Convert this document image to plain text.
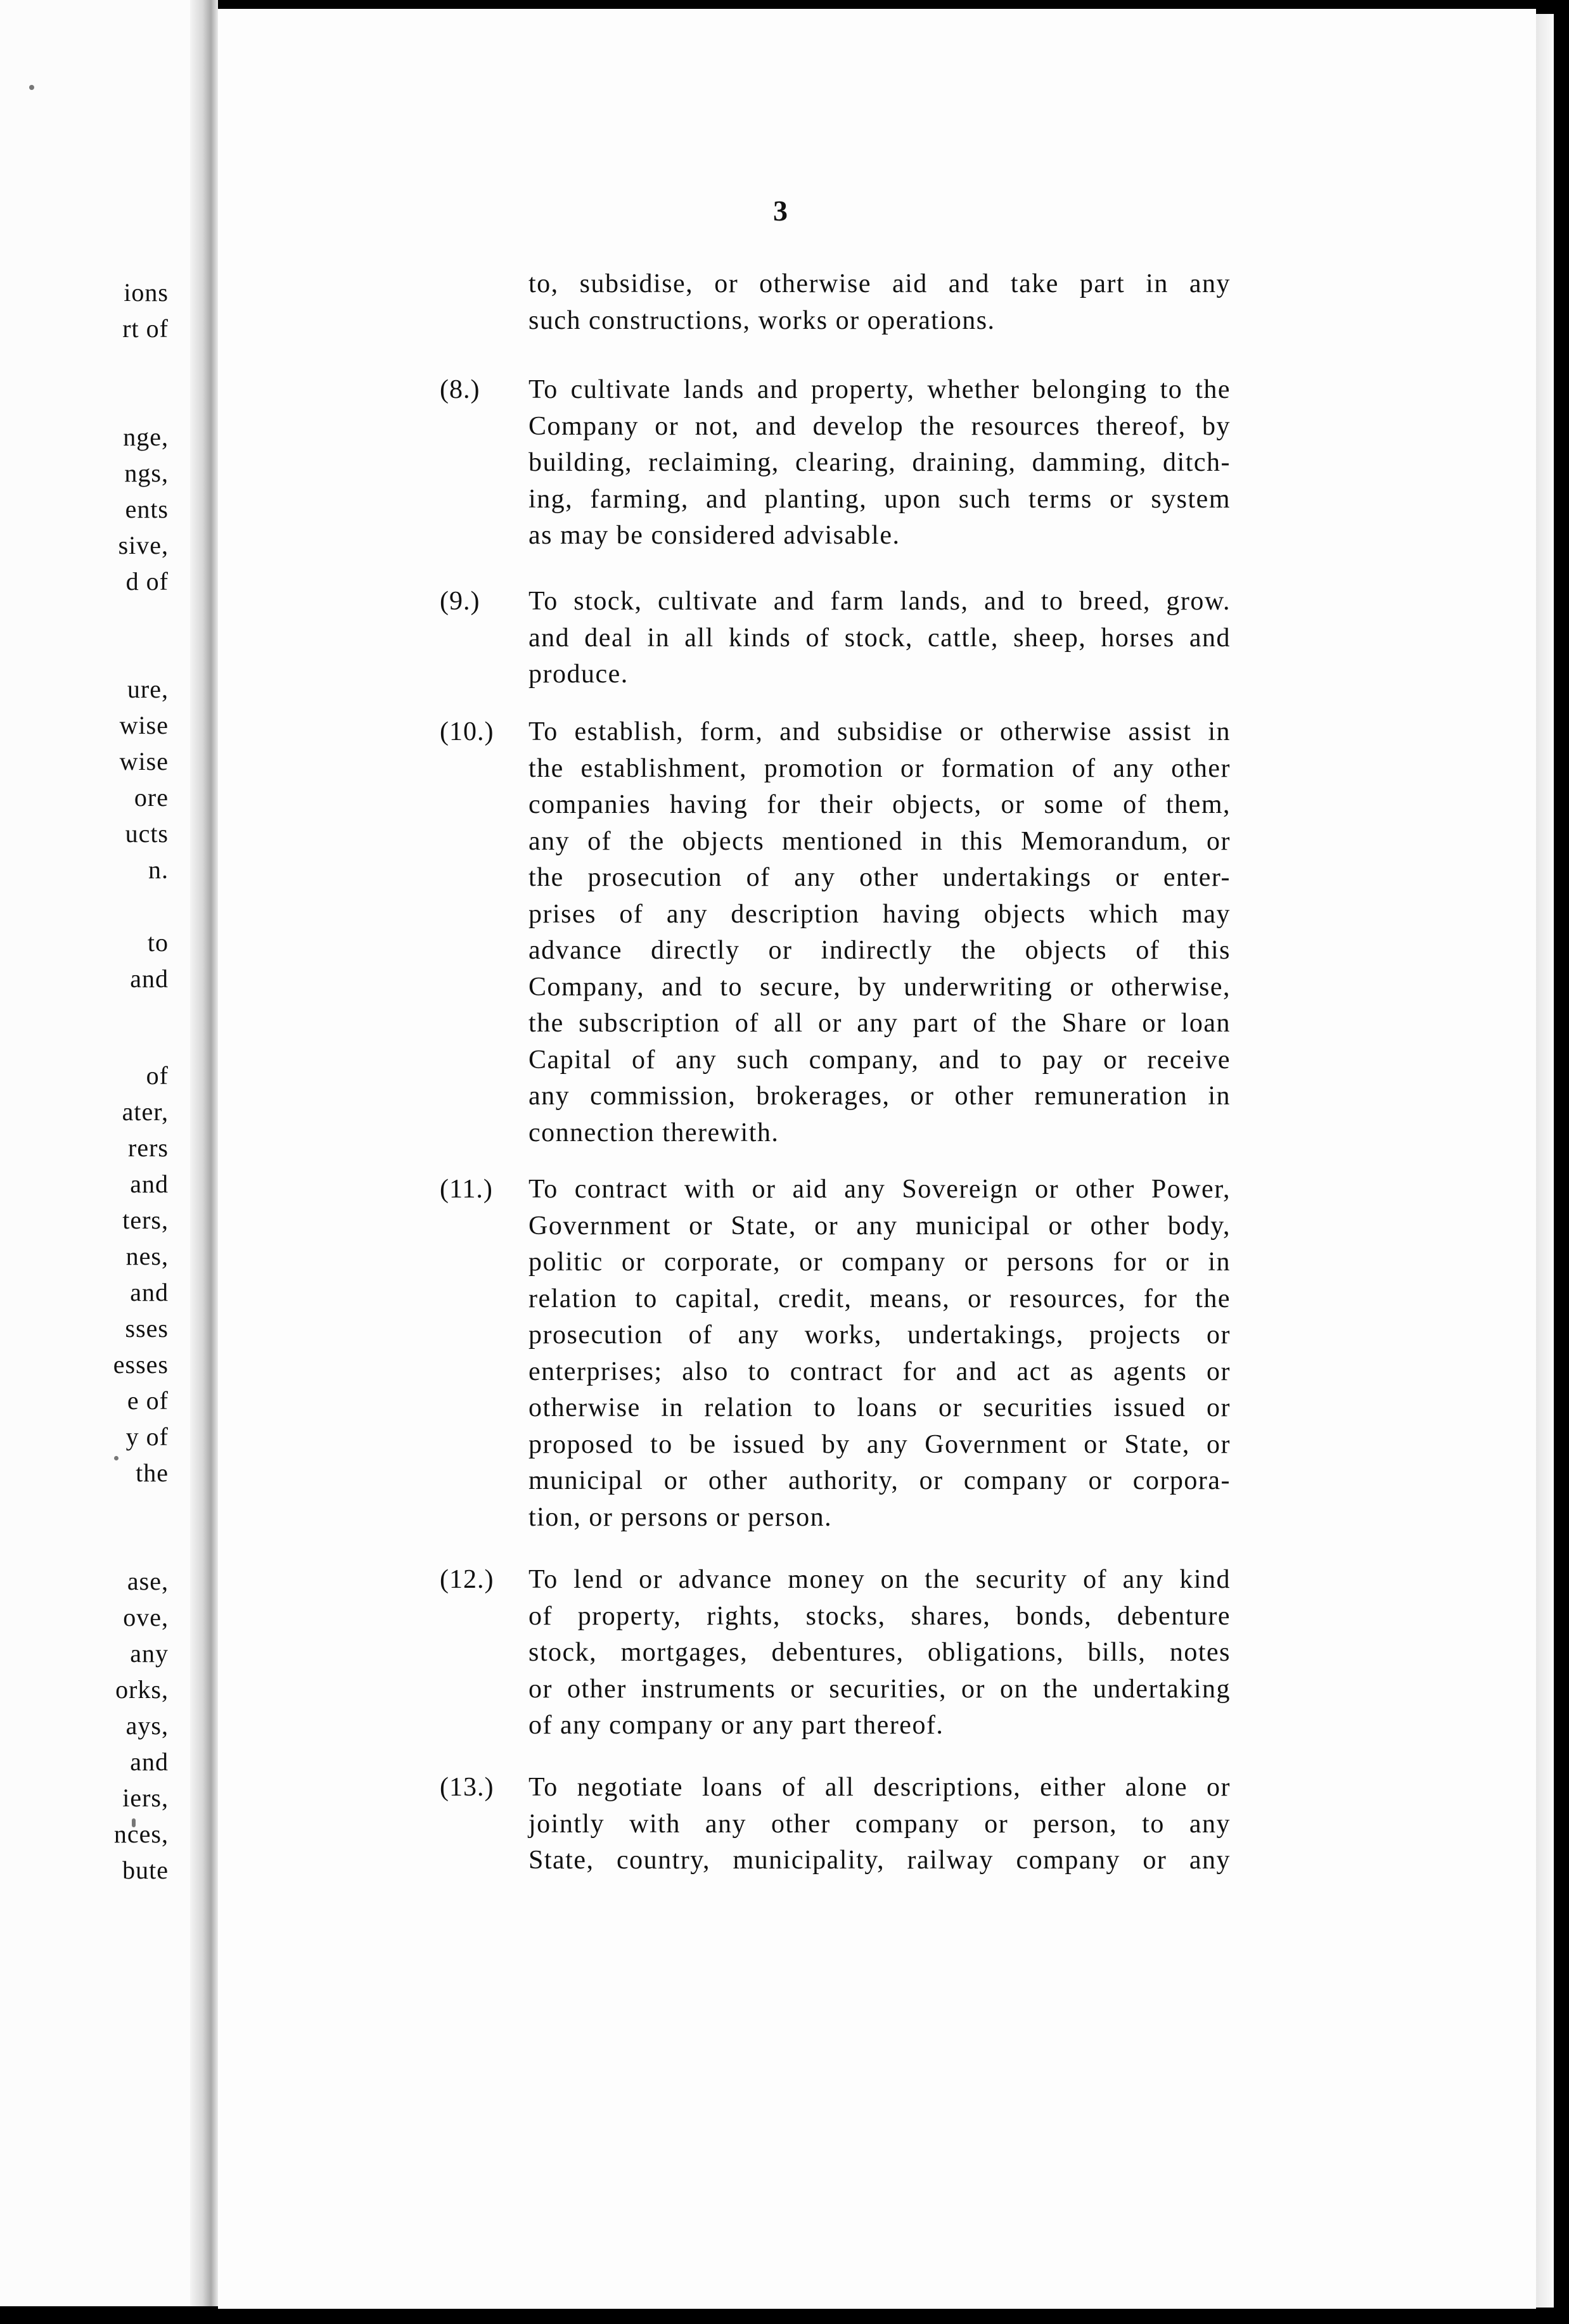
ions

rt of

nge,

ngs,

ents

sive,

d of

ure,

wise

wise

ore

ucts

n.

to

and

of

ater,

rers

and

ters,

nes,

and

sses

esses

e of

y of

the

ase,

ove,

any

orks,

ays,

and

iers,

nces,

bute

3

to, subsidise, or otherwise aid and take part in any

such constructions, works or operations.

(8.) To cultivate lands and property, whether belonging to the

Company or not, and develop the resources thereof, by

building, reclaiming, clearing, draining, damming, ditch-

ing, farming, and planting, upon such terms or system

as may be considered advisable.

(9.) To stock, cultivate and farm lands, and to breed, grow.

and deal in all kinds of stock, cattle, sheep, horses and

produce.

(10.) To establish, form, and subsidise or otherwise assist in

the establishment, promotion or formation of any other

companies having for their objects, or some of them,

any of the objects mentioned in this Memorandum, or

the prosecution of any other undertakings or enter-

prises of any description having objects which may

advance directly or indirectly the objects of this

Company, and to secure, by underwriting or otherwise,

the subscription of all or any part of the Share or loan

Capital of any such company, and to pay or receive

any commission, brokerages, or other remuneration in

connection therewith.

(11.) To contract with or aid any Sovereign or other Power,

Government or State, or any municipal or other body,

politic or corporate, or company or persons for or in

relation to capital, credit, means, or resources, for the

prosecution of any works, undertakings, projects or

enterprises; also to contract for and act as agents or

otherwise in relation to loans or securities issued or

proposed to be issued by any Government or State, or

municipal or other authority, or company or corpora-

tion, or persons or person.

(12.) To lend or advance money on the security of any kind

of property, rights, stocks, shares, bonds, debenture

stock, mortgages, debentures, obligations, bills, notes

or other instruments or securities, or on the undertaking

of any company or any part thereof.

(13.) To negotiate loans of all descriptions, either alone or

jointly with any other company or person, to any

State, country, municipality, railway company or any
